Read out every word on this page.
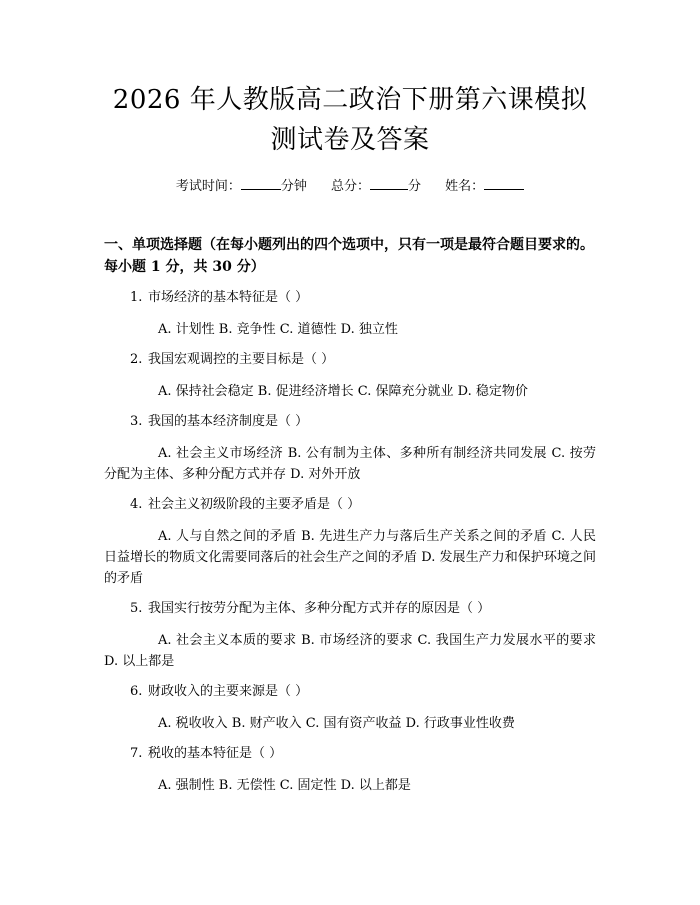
2026 年人教版高二政治下册第六课模拟测试卷及答案
考试时间：	分钟 总分：	分 姓名：
一、单项选择题（在每小题列出的四个选项中，只有一项是最符合题目要求的。每小题 1 分，共 30 分）
1. 市场经济的基本特征是（ ）
A. 计划性 B. 竞争性 C. 道德性 D. 独立性
2. 我国宏观调控的主要目标是（ ）
A. 保持社会稳定 B. 促进经济增长 C. 保障充分就业 D. 稳定物价
3. 我国的基本经济制度是（ ）
A. 社会主义市场经济 B. 公有制为主体、多种所有制经济共同发展 C. 按劳分配为主体、多种分配方式并存 D. 对外开放
4. 社会主义初级阶段的主要矛盾是（ ）
A. 人与自然之间的矛盾 B. 先进生产力与落后生产关系之间的矛盾 C. 人民日益增长的物质文化需要同落后的社会生产之间的矛盾 D. 发展生产力和保护环境之间的矛盾
5. 我国实行按劳分配为主体、多种分配方式并存的原因是（ ）
A. 社会主义本质的要求 B. 市场经济的要求 C. 我国生产力发展水平的要求 D. 以上都是
6. 财政收入的主要来源是（ ）
A. 税收收入 B. 财产收入 C. 国有资产收益 D. 行政事业性收费
7. 税收的基本特征是（ ）
A. 强制性 B. 无偿性 C. 固定性 D. 以上都是
